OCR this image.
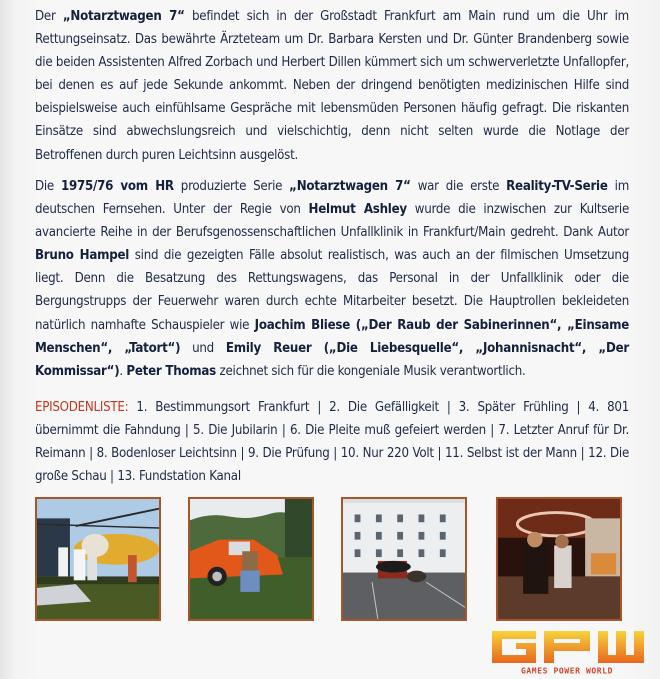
Der „Notarztwagen 7“ befindet sich in der Großstadt Frankfurt am Main rund um die Uhr im Rettungseinsatz. Das bewährte Ärzteteam um Dr. Barbara Kersten und Dr. Günter Brandenberg sowie die beiden Assistenten Alfred Zorbach und Herbert Dillen kümmert sich um schwerverletzte Unfallopfer, bei denen es auf jede Sekunde ankommt. Neben der dringend benötigten medizinischen Hilfe sind beispielsweise auch einfühlsame Gespräche mit lebensmüden Personen häufig gefragt. Die riskanten Einsätze sind abwechslungsreich und vielschichtig, denn nicht selten wurde die Notlage der Betroffenen durch puren Leichtsinn ausgelöst.
Die 1975/76 vom HR produzierte Serie „Notarztwagen 7“ war die erste Reality-TV-Serie im deutschen Fernsehen. Unter der Regie von Helmut Ashley wurde die inzwischen zur Kultserie avancierte Reihe in der Berufsgenossenschaftlichen Unfallklinik in Frankfurt/Main gedreht. Dank Autor Bruno Hampel sind die gezeigten Fälle absolut realistisch, was auch an der filmischen Umsetzung liegt. Denn die Besatzung des Rettungswagens, das Personal in der Unfallklinik oder die Bergungstrupps der Feuerwehr waren durch echte Mitarbeiter besetzt. Die Hauptrollen bekleideten natürlich namhafte Schauspieler wie Joachim Bliese („Der Raub der Sabinerinnen“, „Einsame Menschen“, „Tatort“) und Emily Reuer („Die Liebesquelle“, „Johannisnacht“, „Der Kommissar“). Peter Thomas zeichnet sich für die kongeniale Musik verantwortlich.
EPISODENLISTE: 1. Bestimmungsort Frankfurt | 2. Die Gefälligkeit | 3. Später Frühling | 4. 801 übernimmt die Fahndung | 5. Die Jubilarin | 6. Die Pleite muß gefeiert werden | 7. Letzter Anruf für Dr. Reimann | 8. Bodenloser Leichtsinn | 9. Die Prüfung | 10. Nur 220 Volt | 11. Selbst ist der Mann | 12. Die große Schau | 13. Fundstation Kanal
GAMES POWER WORLD
